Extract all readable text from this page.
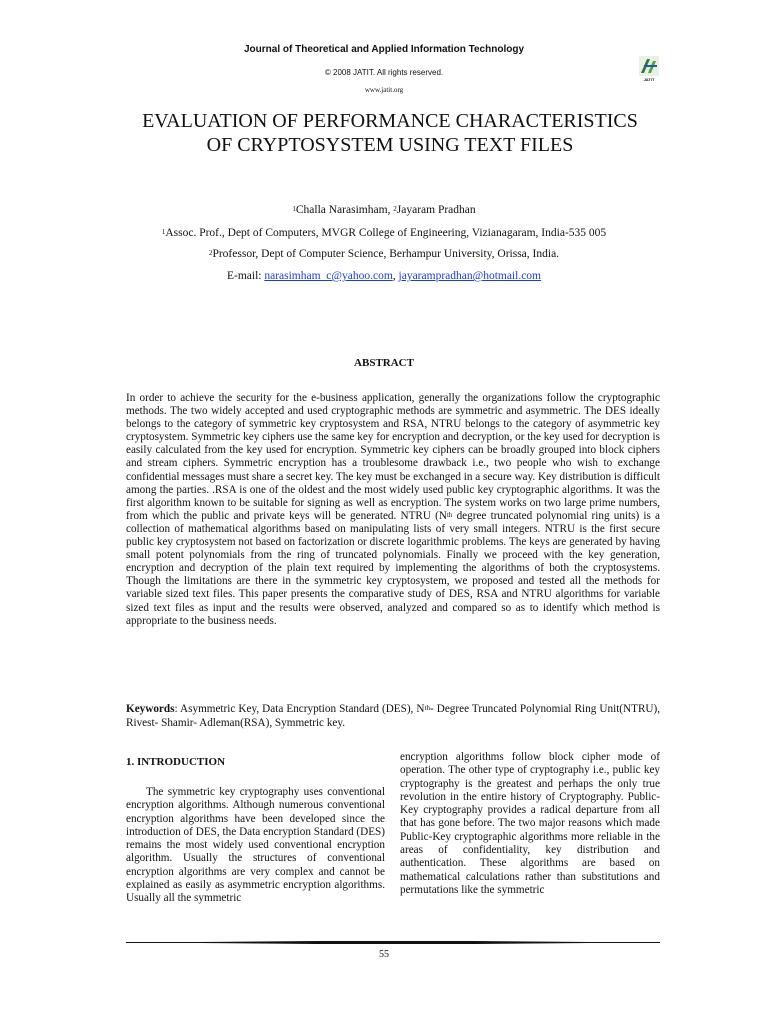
Journal of Theoretical and Applied Information Technology
© 2008 JATIT. All rights reserved.
www.jatit.org
JATIT
EVALUATION OF PERFORMANCE CHARACTERISTICS
OF CRYPTOSYSTEM USING TEXT FILES
$^1$Challa Narasimham, $^2$Jayaram Pradhan
$^1$Assoc. Prof., Dept of Computers, MVGR College of Engineering, Vizianagaram, India-535 005
$^2$Professor, Dept of Computer Science, Berhampur University, Orissa, India.
E-mail: narasimham_c@yahoo.com, jayarampradhan@hotmail.com
ABSTRACT
In order to achieve the security for the e-business application, generally the organizations follow the cryptographic methods. The two widely accepted and used cryptographic methods are symmetric and asymmetric. The DES ideally belongs to the category of symmetric key cryptosystem and RSA, NTRU belongs to the category of asymmetric key cryptosystem. Symmetric key ciphers use the same key for encryption and decryption, or the key used for decryption is easily calculated from the key used for encryption. Symmetric key ciphers can be broadly grouped into block ciphers and stream ciphers. Symmetric encryption has a troublesome drawback i.e., two people who wish to exchange confidential messages must share a secret key. The key must be exchanged in a secure way. Key distribution is difficult among the parties. .RSA is one of the oldest and the most widely used public key cryptographic algorithms. It was the first algorithm known to be suitable for signing as well as encryption. The system works on two large prime numbers, from which the public and private keys will be generated. NTRU ($N^{th}$ degree truncated polynomial ring units) is a collection of mathematical algorithms based on manipulating lists of very small integers. NTRU is the first secure public key cryptosystem not based on factorization or discrete logarithmic problems. The keys are generated by having small potent polynomials from the ring of truncated polynomials. Finally we proceed with the key generation, encryption and decryption of the plain text required by implementing the algorithms of both the cryptosystems. Though the limitations are there in the symmetric key cryptosystem, we proposed and tested all the methods for variable sized text files. This paper presents the comparative study of DES, RSA and NTRU algorithms for variable sized text files as input and the results were observed, analyzed and compared so as to identify which method is appropriate to the business needs.
Keywords: Asymmetric Key, Data Encryption Standard (DES), $N^{th}-$ Degree Truncated Polynomial Ring Unit(NTRU), Rivest- Shamir- Adleman(RSA), Symmetric key.
1. INTRODUCTION

The symmetric key cryptography uses conventional encryption algorithms. Although numerous conventional encryption algorithms have been developed since the introduction of DES, the Data encryption Standard (DES) remains the most widely used conventional encryption algorithm. Usually the structures of conventional encryption algorithms are very complex and cannot be explained as easily as asymmetric encryption algorithms. Usually all the symmetric

encryption algorithms follow block cipher mode of operation. The other type of cryptography i.e., public key cryptography is the greatest and perhaps the only true revolution in the entire history of Cryptography. Public-Key cryptography provides a radical departure from all that has gone before. The two major reasons which made Public-Key cryptographic algorithms more reliable in the areas of confidentiality, key distribution and authentication. These algorithms are based on mathematical calculations rather than substitutions and permutations like the symmetric

55
